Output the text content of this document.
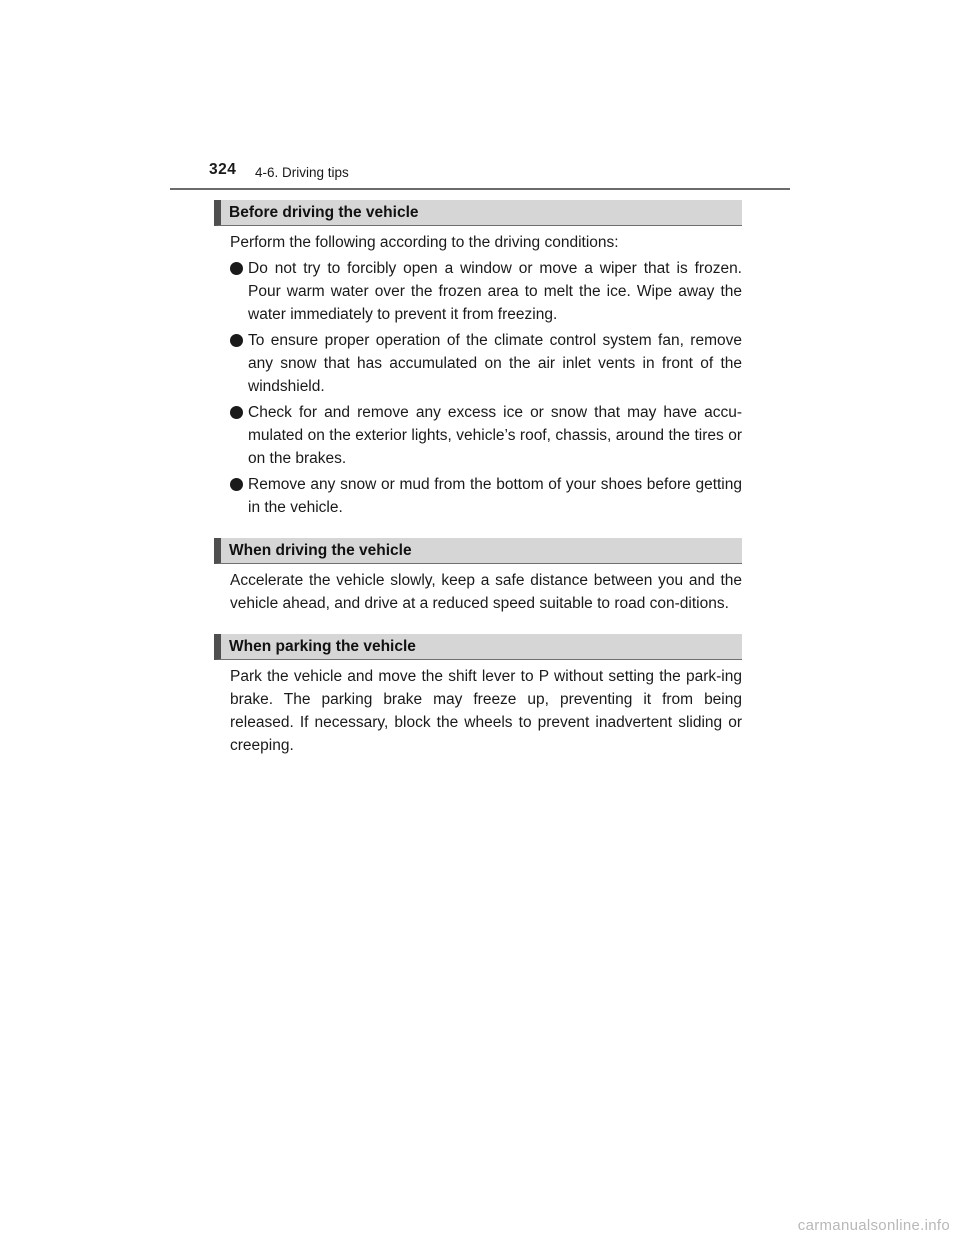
324 4-6. Driving tips
Before driving the vehicle

Perform the following according to the driving conditions:

Do not try to forcibly open a window or move a wiper that is frozen. Pour warm water over the frozen area to melt the ice. Wipe away the water immediately to prevent it from freezing.
To ensure proper operation of the climate control system fan, remove any snow that has accumulated on the air inlet vents in front of the windshield.
Check for and remove any excess ice or snow that may have accu-mulated on the exterior lights, vehicle’s roof, chassis, around the tires or on the brakes.
Remove any snow or mud from the bottom of your shoes before getting in the vehicle.
When driving the vehicle

Accelerate the vehicle slowly, keep a safe distance between you and the vehicle ahead, and drive at a reduced speed suitable to road con-ditions.

When parking the vehicle

Park the vehicle and move the shift lever to P without setting the park-ing brake. The parking brake may freeze up, preventing it from being released. If necessary, block the wheels to prevent inadvertent sliding or creeping.

carmanualsonline.info
